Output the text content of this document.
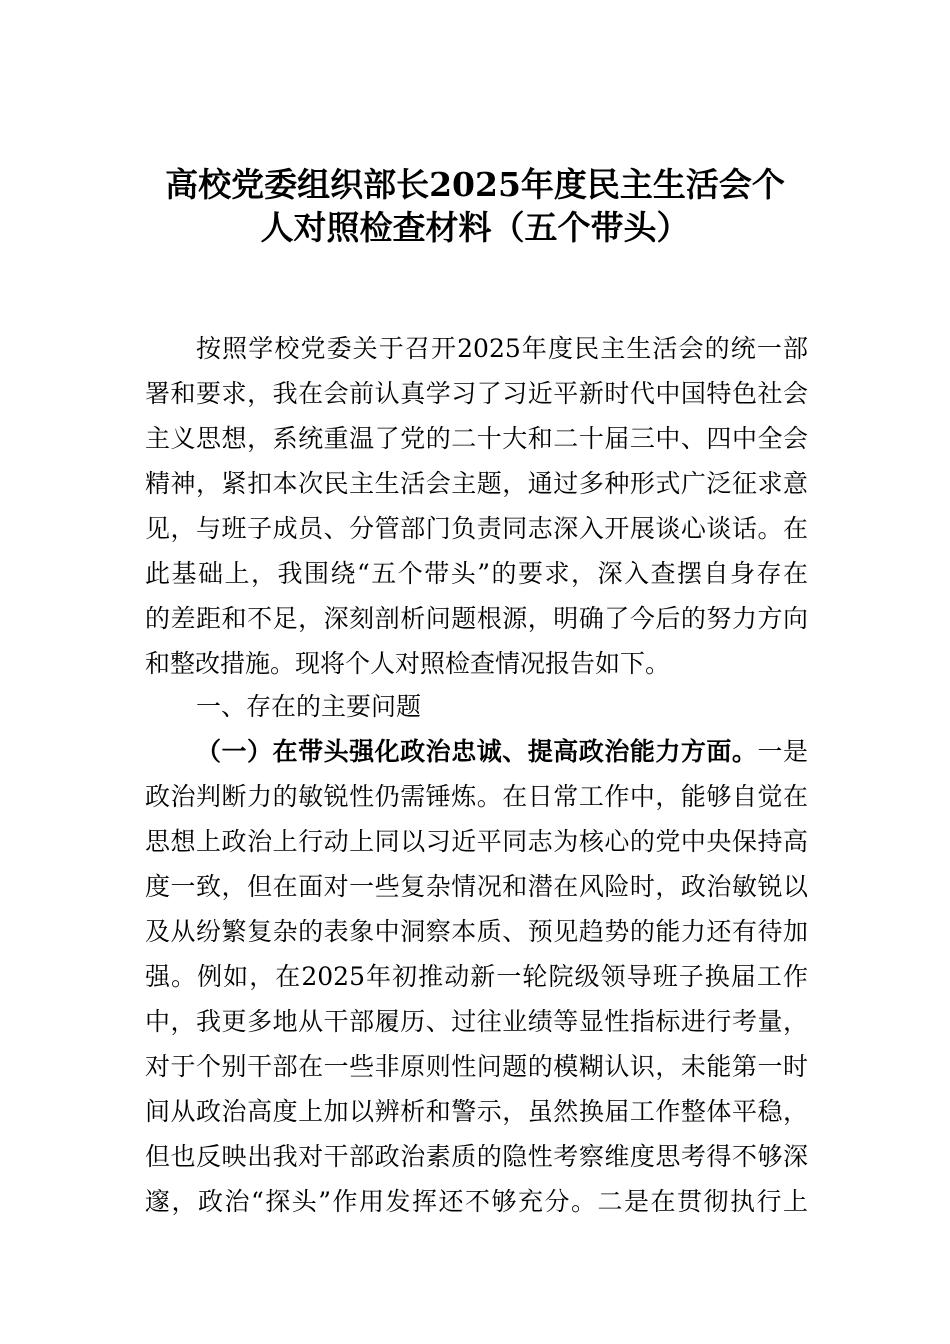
高校党委组织部长2025年度民主生活会个
人对照检查材料（五个带头）
按照学校党委关于召开2025年度民主生活会的统一部
署和要求，我在会前认真学习了习近平新时代中国特色社会
主义思想，系统重温了党的二十大和二十届三中、四中全会
精神，紧扣本次民主生活会主题，通过多种形式广泛征求意
见，与班子成员、分管部门负责同志深入开展谈心谈话。在
此基础上，我围绕“五个带头”的要求，深入查摆自身存在
的差距和不足，深刻剖析问题根源，明确了今后的努力方向
和整改措施。现将个人对照检查情况报告如下。
一、存在的主要问题
（一）在带头强化政治忠诚、提高政治能力方面。一是
政治判断力的敏锐性仍需锤炼。在日常工作中，能够自觉在
思想上政治上行动上同以习近平同志为核心的党中央保持高
度一致，但在面对一些复杂情况和潜在风险时，政治敏锐以
及从纷繁复杂的表象中洞察本质、预见趋势的能力还有待加
强。例如，在2025年初推动新一轮院级领导班子换届工作
中，我更多地从干部履历、过往业绩等显性指标进行考量，
对于个别干部在一些非原则性问题的模糊认识，未能第一时
间从政治高度上加以辨析和警示，虽然换届工作整体平稳，
但也反映出我对干部政治素质的隐性考察维度思考得不够深
邃，政治“探头”作用发挥还不够充分。二是在贯彻执行上
